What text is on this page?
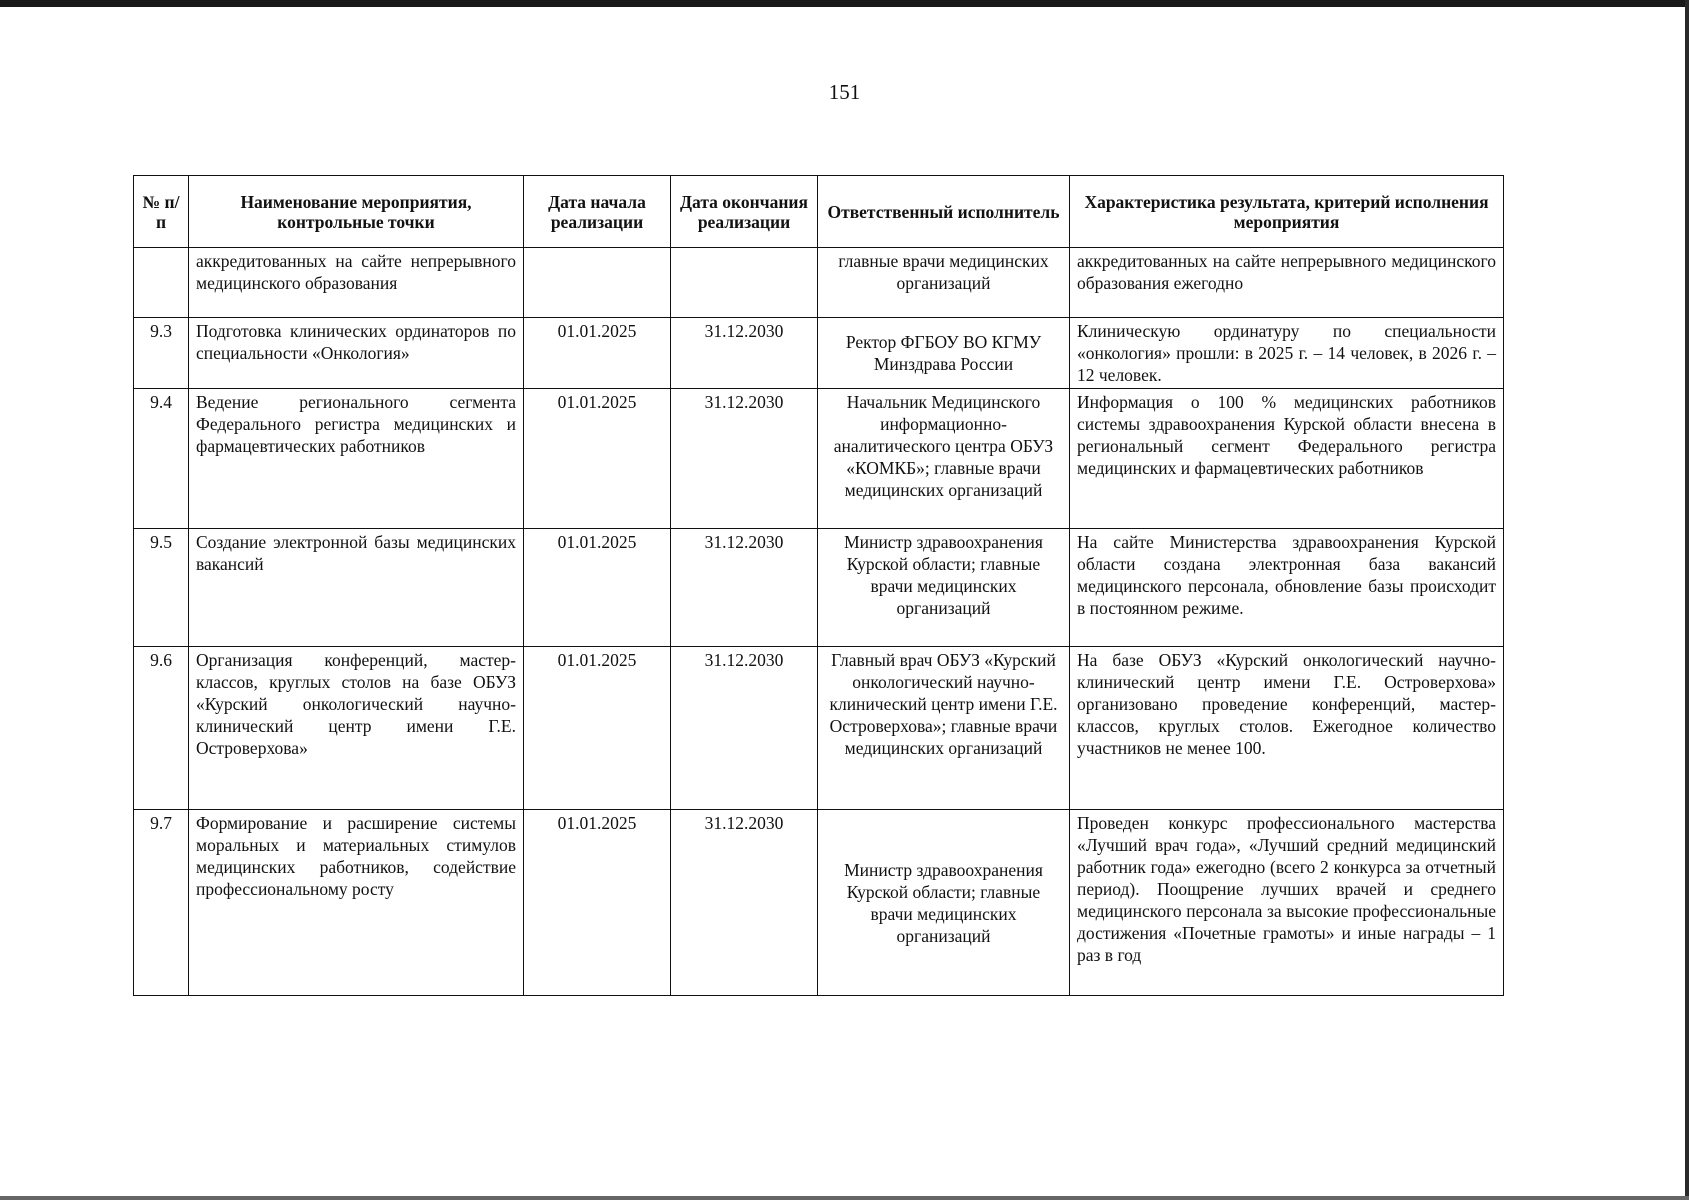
151
№ п/п	Наименование мероприятия, контрольные точки	Дата начала реализации	Дата окончания реализации	Ответственный исполнитель	Характеристика результата, критерий исполнения мероприятия
	аккредитованных на сайте непрерывного медицинского образования			главные врачи медицинских организаций	аккредитованных на сайте непрерывного медицинского образования ежегодно
9.3	Подготовка клинических ординаторов по специальности «Онкология»	01.01.2025	31.12.2030	Ректор ФГБОУ ВО КГМУ Минздрава России	Клиническую ординатуру по специальности «онкология» прошли: в 2025 г. – 14 человек, в 2026 г. – 12 человек.
9.4	Ведение регионального сегмента Федерального регистра медицинских и фармацевтических работников	01.01.2025	31.12.2030	Начальник Медицинского информационно-аналитического центра ОБУЗ «КОМКБ»; главные врачи медицинских организаций	Информация о 100 % медицинских работников системы здравоохранения Курской области внесена в региональный сегмент Федерального регистра медицинских и фармацевтических работников
9.5	Создание электронной базы медицинских вакансий	01.01.2025	31.12.2030	Министр здравоохранения Курской области; главные врачи медицинских организаций	На сайте Министерства здравоохранения Курской области создана электронная база вакансий медицинского персонала, обновление базы происходит в постоянном режиме.
9.6	Организация конференций, мастер-классов, круглых столов на базе ОБУЗ «Курский онкологический научно-клинический центр имени Г.Е. Островерхова»	01.01.2025	31.12.2030	Главный врач ОБУЗ «Курский онкологический научно-клинический центр имени Г.Е. Островерхова»; главные врачи медицинских организаций	На базе ОБУЗ «Курский онкологический научно-клинический центр имени Г.Е. Островерхова» организовано проведение конференций, мастер-классов, круглых столов. Ежегодное количество участников не менее 100.
9.7	Формирование и расширение системы моральных и материальных стимулов медицинских работников, содействие профессиональному росту	01.01.2025	31.12.2030	Министр здравоохранения Курской области; главные врачи медицинских организаций	Проведен конкурс профессионального мастерства «Лучший врач года», «Лучший средний медицинский работник года» ежегодно (всего 2 конкурса за отчетный период). Поощрение лучших врачей и среднего медицинского персонала за высокие профессиональные достижения «Почетные грамоты» и иные награды – 1 раз в год
